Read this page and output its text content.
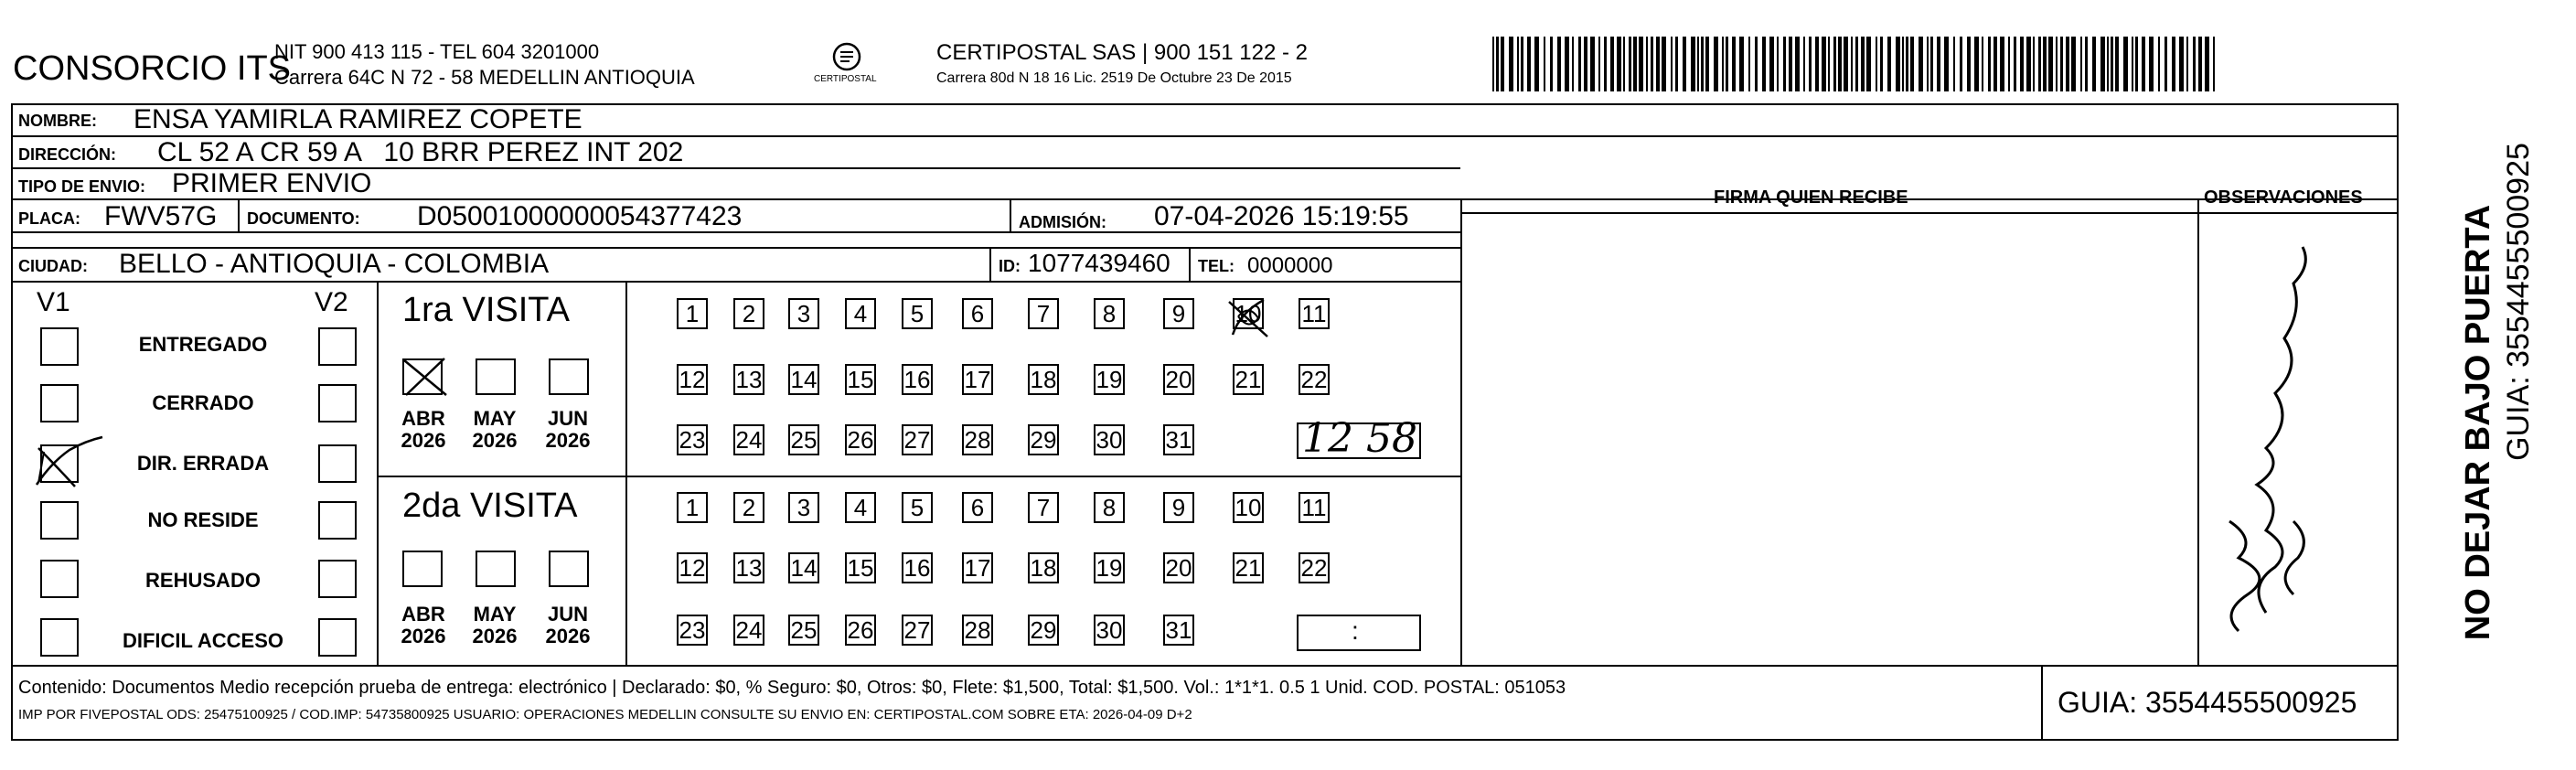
CONSORCIO ITS
NIT 900 413 115 - TEL 604 3201000
Carrera 64C N 72 - 58 MEDELLIN ANTIOQUIA	CERTIPOSTAL
CERTIPOSTAL SAS | 900 151 122 - 2
Carrera 80d N 18 16 Lic. 2519 De Octubre 23 De 2015
NOMBRE: ENSA YAMIRLA RAMIREZ COPETE
DIRECCIÓN: CL 52 A CR 59 A   10 BRR PEREZ INT 202
TIPO DE ENVIO: PRIMER ENVIO
PLACA: FWV57G DOCUMENTO: D05001000000054377423	ADMISIÓN: 07-04-2026 15:19:55
CIUDAD: BELLO - ANTIOQUIA - COLOMBIA	ID: 1077439460 TEL: 0000000
FIRMA QUIEN RECIBE	OBSERVACIONES
V1	V2
ENTREGADO
CERRADO
DIR. ERRADA
NO RESIDE
REHUSADO
DIFICIL ACCESO
1ra VISITA
ABR
2026
MAY
2026
JUN
2026
2da VISITA
ABR
2026
MAY
2026
JUN
2026
1	2	3	4	5	6	7	8	9	10 11
12 13 14 15 16 17 18 19 20 21 22
23 24 25 26 27 28 29 30 31
1	2	3	4	5	6	7	8	9	10 11
12 13 14 15 16 17 18 19 20 21 22
23 24 25 26 27 28 29 30 31
12 58
:
Contenido: Documentos Medio recepción prueba de entrega: electrónico | Declarado: $0, % Seguro: $0, Otros: $0, Flete: $1,500, Total: $1,500. Vol.: 1*1*1. 0.5 1 Unid. COD. POSTAL: 051053
IMP POR FIVEPOSTAL ODS: 25475100925 / COD.IMP: 54735800925 USUARIO: OPERACIONES MEDELLIN CONSULTE SU ENVIO EN: CERTIPOSTAL.COM SOBRE ETA: 2026-04-09 D+2	GUIA: 3554455500925
NO DEJAR BAJO PUERTA GUIA: 3554455500925
